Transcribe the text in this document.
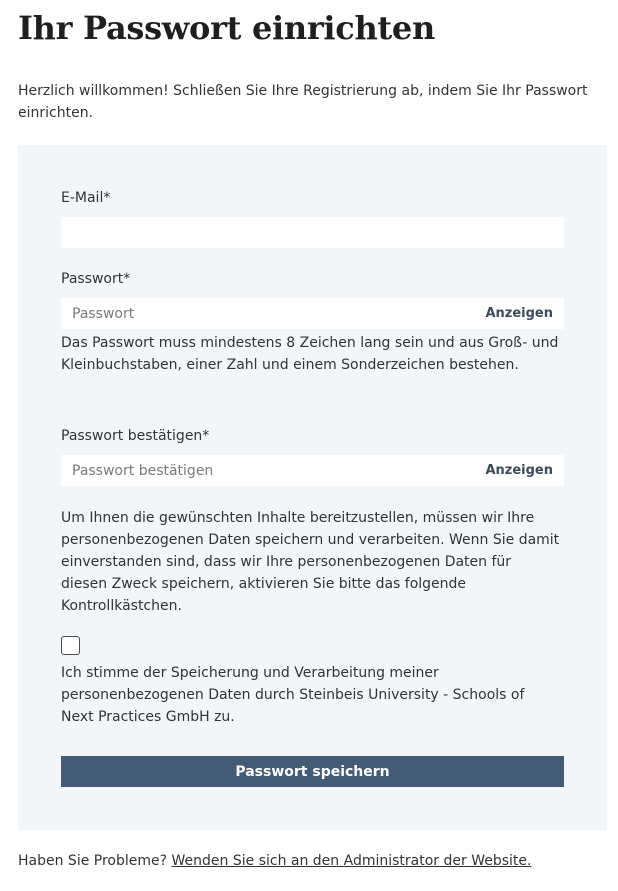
Ihr Passwort einrichten

Herzlich willkommen! Schließen Sie Ihre Registrierung ab, indem Sie Ihr Passwort einrichten.

E-Mail*
Passwort*
Anzeigen

Das Passwort muss mindestens 8 Zeichen lang sein und aus Groß- und Kleinbuchstaben, einer Zahl und einem Sonderzeichen bestehen.

Passwort bestätigen*
Anzeigen

Um Ihnen die gewünschten Inhalte bereitzustellen, müssen wir Ihre personenbezogenen Daten speichern und verarbeiten. Wenn Sie damit einverstanden sind, dass wir Ihre personenbezogenen Daten für diesen Zweck speichern, aktivieren Sie bitte das folgende Kontrollkästchen.

Ich stimme der Speicherung und Verarbeitung meiner personenbezogenen Daten durch Steinbeis University - Schools of Next Practices GmbH zu.

Passwort speichern

Haben Sie Probleme? Wenden Sie sich an den Administrator der Website.
